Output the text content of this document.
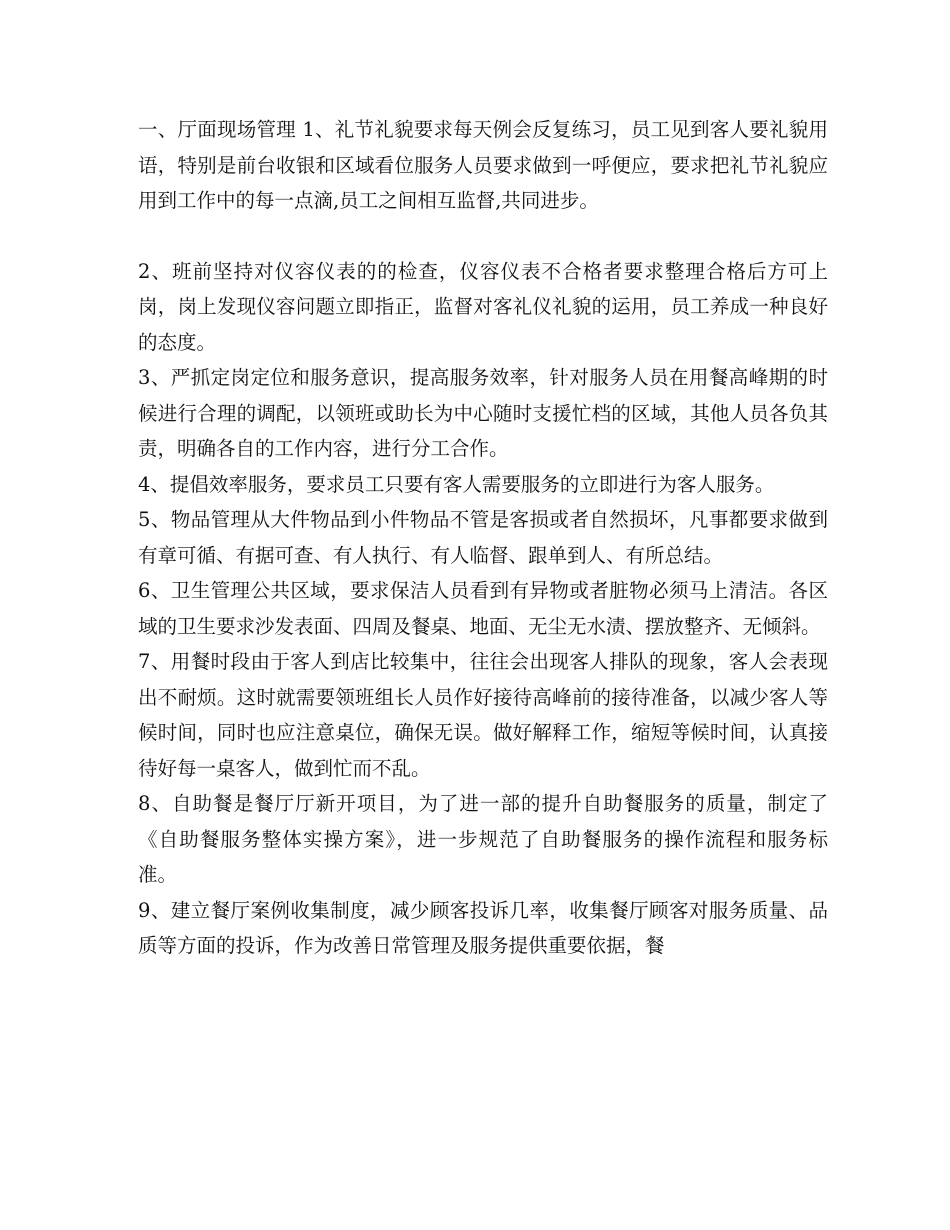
一、厅面现场管理 1、礼节礼貌要求每天例会反复练习，员工见到客人要礼貌用语，特别是前台收银和区域看位服务人员要求做到一呼便应，要求把礼节礼貌应用到工作中的每一点滴,员工之间相互监督,共同进步。

2、班前坚持对仪容仪表的的检查，仪容仪表不合格者要求整理合格后方可上岗，岗上发现仪容问题立即指正，监督对客礼仪礼貌的运用，员工养成一种良好的态度。

3、严抓定岗定位和服务意识，提高服务效率，针对服务人员在用餐高峰期的时候进行合理的调配，以领班或助长为中心随时支援忙档的区域，其他人员各负其责，明确各自的工作内容，进行分工合作。

4、提倡效率服务，要求员工只要有客人需要服务的立即进行为客人服务。

5、物品管理从大件物品到小件物品不管是客损或者自然损坏，凡事都要求做到有章可循、有据可查、有人执行、有人临督、跟单到人、有所总结。

6、卫生管理公共区域，要求保洁人员看到有异物或者脏物必须马上清洁。各区域的卫生要求沙发表面、四周及餐桌、地面、无尘无水渍、摆放整齐、无倾斜。

7、用餐时段由于客人到店比较集中，往往会出现客人排队的现象，客人会表现出不耐烦。这时就需要领班组长人员作好接待高峰前的接待准备，以减少客人等候时间，同时也应注意桌位，确保无误。做好解释工作，缩短等候时间，认真接待好每一桌客人，做到忙而不乱。

8、自助餐是餐厅厅新开项目，为了进一部的提升自助餐服务的质量，制定了《自助餐服务整体实操方案》，进一步规范了自助餐服务的操作流程和服务标准。

9、建立餐厅案例收集制度，减少顾客投诉几率，收集餐厅顾客对服务质量、品质等方面的投诉，作为改善日常管理及服务提供重要依据，餐
